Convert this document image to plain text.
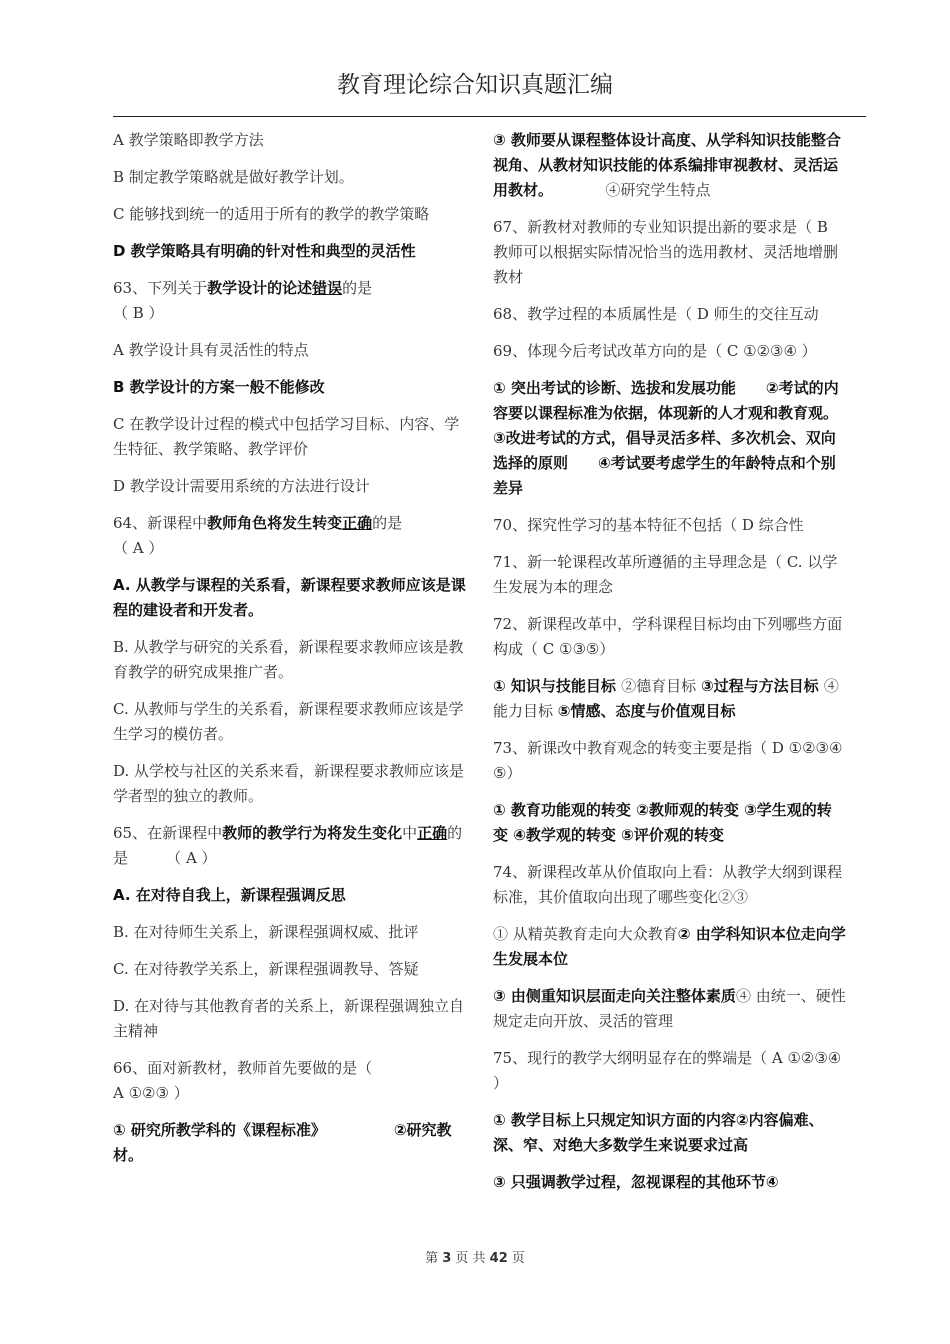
教育理论综合知识真题汇编

A 教学策略即教学方法

B 制定教学策略就是做好教学计划。

C 能够找到统一的适用于所有的教学的教学策略

D 教学策略具有明确的针对性和典型的灵活性

63、下列关于教学设计的论述错误的是
（ B ）

A 教学设计具有灵活性的特点

B 教学设计的方案一般不能修改

C 在教学设计过程的模式中包括学习目标、内容、学生特征、教学策略、教学评价

D 教学设计需要用系统的方法进行设计

64、新课程中教师角色将发生转变正确的是
（ A ）

A. 从教学与课程的关系看，新课程要求教师应该是课程的建设者和开发者。

B. 从教学与研究的关系看，新课程要求教师应该是教育教学的研究成果推广者。

C. 从教师与学生的关系看，新课程要求教师应该是学生学习的模仿者。

D. 从学校与社区的关系来看，新课程要求教师应该是学者型的独立的教师。

65、在新课程中教师的教学行为将发生变化中正确的是	（ A ）

A. 在对待自我上，新课程强调反思

B. 在对待师生关系上，新课程强调权威、批评

C. 在对待教学关系上，新课程强调教导、答疑

D. 在对待与其他教育者的关系上，新课程强调独立自主精神

66、面对新教材，教师首先要做的是（
A ①②③ ）

① 研究所教学科的《课程标准》	②研究教材。

③ 教师要从课程整体设计高度、从学科知识技能整合视角、从教材知识技能的体系编排审视教材、灵活运用教材。	④研究学生特点

67、新教材对教师的专业知识提出新的要求是（ B 教师可以根据实际情况恰当的选用教材、灵活地增删教材

68、教学过程的本质属性是（ D 师生的交往互动

69、体现今后考试改革方向的是（ C ①②③④ ）

① 突出考试的诊断、选拔和发展功能　　②考试的内容要以课程标准为依据，体现新的人才观和教育观。③改进考试的方式，倡导灵活多样、多次机会、双向选择的原则　　④考试要考虑学生的年龄特点和个别差异

70、探究性学习的基本特征不包括（ D 综合性

71、新一轮课程改革所遵循的主导理念是（ C. 以学生发展为本的理念

72、新课程改革中，学科课程目标均由下列哪些方面构成（ C ①③⑤）

① 知识与技能目标 ②德育目标 ③过程与方法目标 ④能力目标 ⑤情感、态度与价值观目标

73、新课改中教育观念的转变主要是指（ D ①②③④⑤）

① 教育功能观的转变 ②教师观的转变 ③学生观的转变 ④教学观的转变 ⑤评价观的转变

74、新课程改革从价值取向上看：从教学大纲到课程标准，其价值取向出现了哪些变化②③

① 从精英教育走向大众教育② 由学科知识本位走向学生发展本位

③ 由侧重知识层面走向关注整体素质④ 由统一、硬性规定走向开放、灵活的管理

75、现行的教学大纲明显存在的弊端是（ A ①②③④ ）

① 教学目标上只规定知识方面的内容②内容偏难、深、窄、对绝大多数学生来说要求过高

③ 只强调教学过程，忽视课程的其他环节④

第 3 页 共 42 页
